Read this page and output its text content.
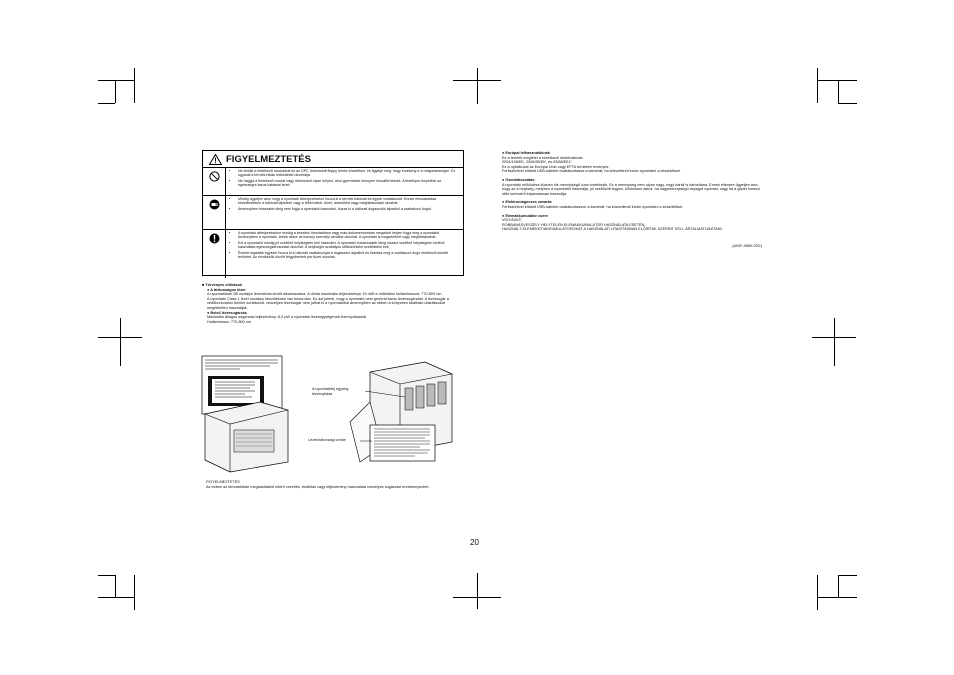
FIGYELMEZTETÉS
• Ne törölje a festékező modulokat és az OPC dobmodult floppy lemez közelében, és figyelje meg, hogy érzékeny-e a mágnesességre. Ez ugyanis a termék hibás működését okozhatja.
• Ne hagyja a festékező modult vagy dobmodult olyan helyen, ahol gyermekek könnyen hozzáférhetnek. A festékpor lenyelése az egészségre káros hatással lehet.
• Mindig ügyeljen arra, hogy a nyomtató áthelyezésekor húzza ki a termék hálózati és egyéb csatlakozóit. Ennek elmulasztása következtében a hálózati tápkábel vagy a többi kábel, tűzet, áramütést vagy meghibásodást okozhat.
• Amennyiben hosszabb ideig nem fogja a nyomtatót használni, húzza ki a hálózati dugaszolót aljzatból a csatlakozó dugót.
• A nyomtató áthelyezésekor mindig a kezelési útmutatóban vagy más dokumentumban megadott helyen fogja meg a nyomtatót. Amennyiben a nyomtató, leesik akkor az komoly személyi sérülést okozhat. A nyomtató is megsérülhet vagy meghibásodhat.
• Ezt a nyomtatót mindig jól szellőző helyiségben kell használni. A nyomtató huzamosabb ideig rosszul szellőző helyiségben történő használata egészségkárosodást okozhat. A helyiséget szabályos időközönként szellőztetni kell.
• Évente legalább egyszer húzza ki a hálózati csatlakozójat a dugaszoló aljzatból és tisztítsa meg a csatlakozó dugó érintkezői közötti területet. Az érintkezők között felgyülemlett por tüzet okozhat.
■ Törvényes előírások
● A biztonságos lézer

A nyomtatóban 3B osztályú lézerdióda került alkalmazásra. A dióda maximális teljesítménye 15 mW a működési hullámhossza: 770-800 nm.
A nyomtató Class 1 lézer osztályú készüléknek van besorolva. Ez azt jelenti, hogy a nyomtató nem generál káros lézersugárzást. A lézersugár a védőburkolaton belülre korlátozott, veszélyes lézersugár nem juthat ki a nyomtatóból amennyiben az ebben a könyvben található utasításokat megfelelően használják.

● Belső lézersugárzás

Maximális átlagos sugárzási teljesítmény: 8,5 µW a nyomtató lézeregységének lézernyílásánál
Hullámhossz: 770-800 nm

A nyomtatófej egység lézernyílása
Lézerbiztonsági címke
FIGYELMEZTETÉS
Az ebben az útmutatóban megadottaktól eltérő vezérlés, beállítás vagy teljesítmény használata veszélyes sugárzást eredményezhet.
● Európai felhasználóknak

Ez a termék megfelel a következő direktíváknak:
2004/108/EK, 2006/95/EK, és 93/68/EEC
Ez a nyilatkozat az Európai Unió vagy EFTA területén érvényes.
Feritszűrővel ellátott USB-kábelet csatlakoztassa a kamerát, ha közvetlenül kíván nyomtatni a készülékkel.

● Ózonkibocsátás

A nyomtató működése közben kis mennyiségű ózon keletkezik. Ez a mennyiség nem olyan nagy, hogy bárkit is károsítana. Ennek ellenére ügyeljen arra, hogy az a helyiség, melyben a nyomtatót használja, jól szellőzött legyen, különösen akkor, ha nagymennyiségű anyagot nyomtat, vagy ha a gépet hosszú időn keresztül folyamatosan használja.

● Elektromágneses zavarás

Feritszűrővel ellátott USB-kábelet csatlakoztasson a kamerát, ha közvetlenül kíván nyomtatni a készülékkel.

● Elemakkumulátor csere

VIGYÁZAT!
ROBBANÁSVESZÉLY HELYTELEN ELEMAKKUMULÁTOR HASZNÁLATA ESETÉN.
HASZNÁLT ELEMEKET/AKKUMULÁTOROKAT A HASZNÁLATI UTASÍTÁSBAN ELŐÍRTAK SZERINT KELL ÁRTALMATLANÍTANI.

(A00F-9560-00G)
20
